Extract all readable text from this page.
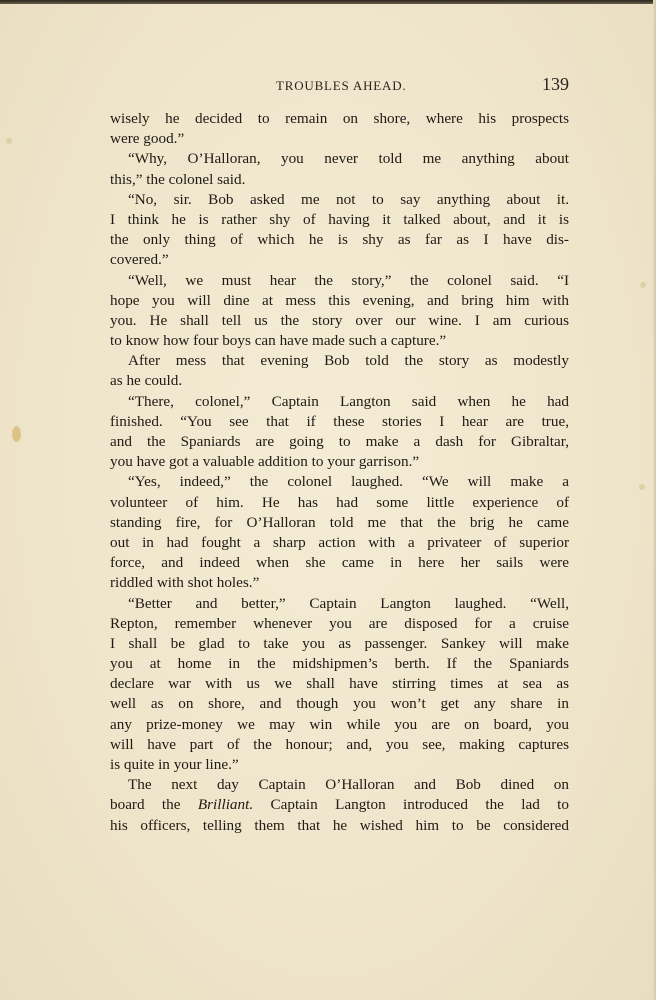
TROUBLES AHEAD.	139
wisely he decided to remain on shore, where his prospects
were good.”
“Why, O’Halloran, you never told me anything about
this,” the colonel said.
“No, sir. Bob asked me not to say anything about it.
I think he is rather shy of having it talked about, and it is
the only thing of which he is shy as far as I have dis-
covered.”
“Well, we must hear the story,” the colonel said. “I
hope you will dine at mess this evening, and bring him with
you. He shall tell us the story over our wine. I am curious
to know how four boys can have made such a capture.”
After mess that evening Bob told the story as modestly
as he could.
“There, colonel,” Captain Langton said when he had
finished. “You see that if these stories I hear are true,
and the Spaniards are going to make a dash for Gibraltar,
you have got a valuable addition to your garrison.”
“Yes, indeed,” the colonel laughed. “We will make a
volunteer of him. He has had some little experience of
standing fire, for O’Halloran told me that the brig he came
out in had fought a sharp action with a privateer of superior
force, and indeed when she came in here her sails were
riddled with shot holes.”
“Better and better,” Captain Langton laughed. “Well,
Repton, remember whenever you are disposed for a cruise
I shall be glad to take you as passenger. Sankey will make
you at home in the midshipmen’s berth. If the Spaniards
declare war with us we shall have stirring times at sea as
well as on shore, and though you won’t get any share in
any prize-money we may win while you are on board, you
will have part of the honour; and, you see, making captures
is quite in your line.”
The next day Captain O’Halloran and Bob dined on
board the Brilliant. Captain Langton introduced the lad to
his officers, telling them that he wished him to be considered
